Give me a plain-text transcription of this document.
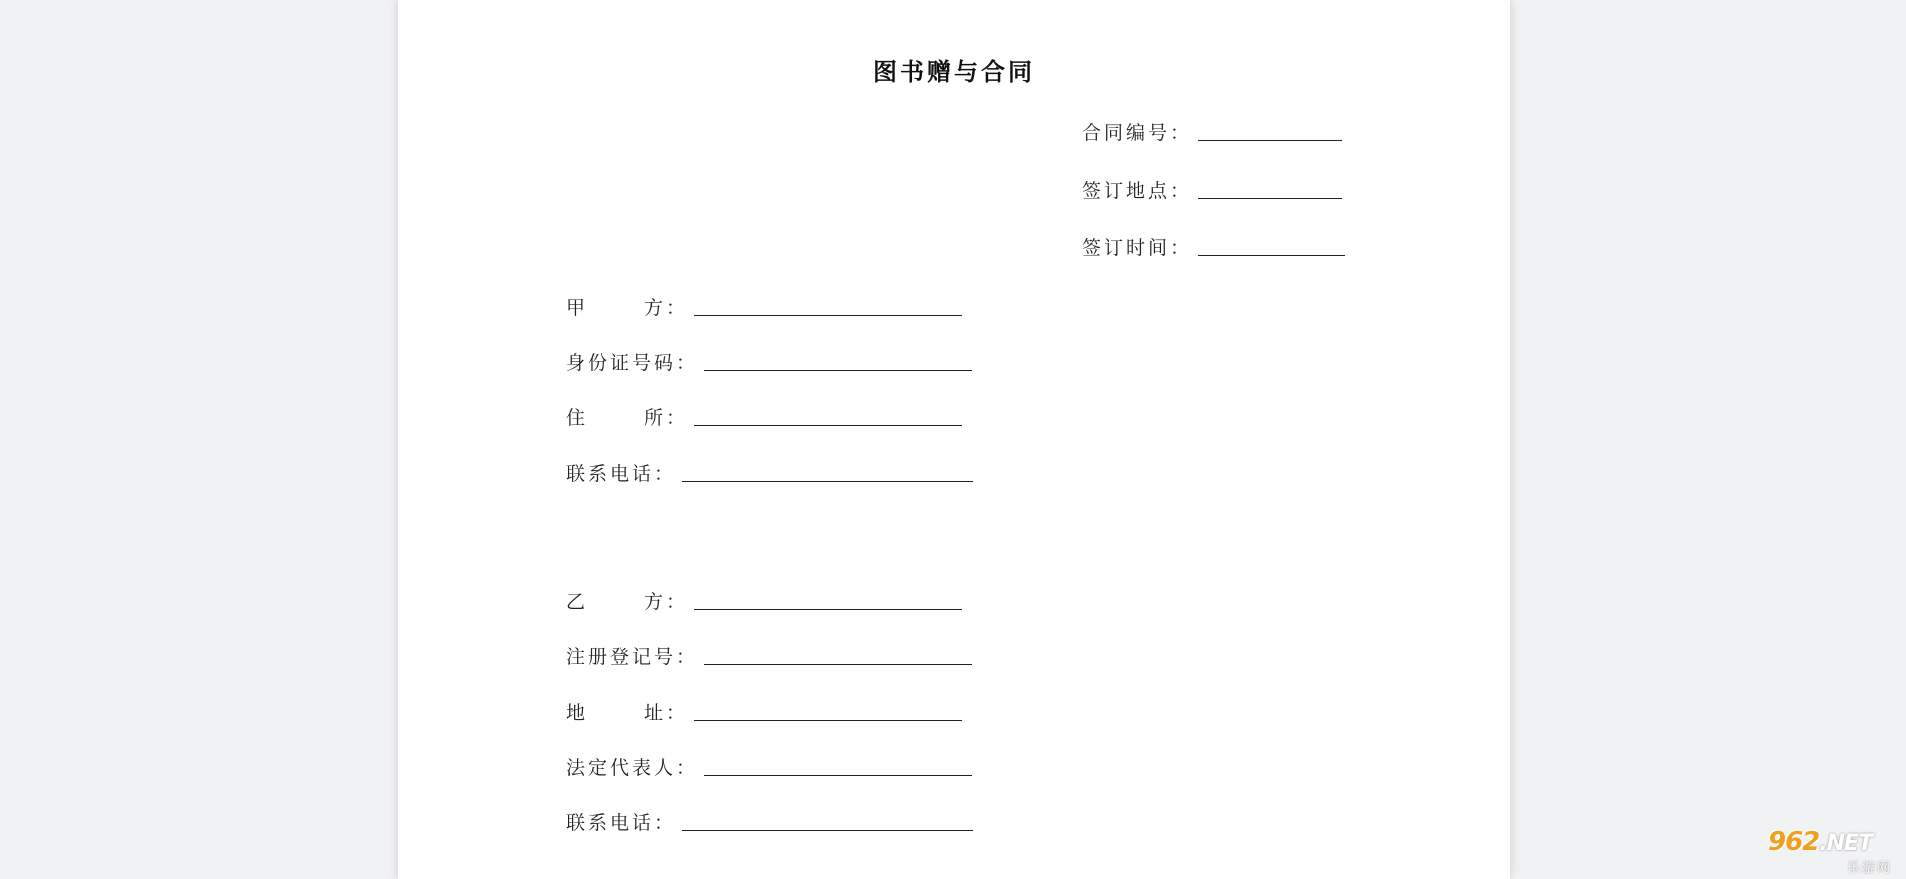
图书赠与合同
合同编号：
签订地点：
签订时间：
甲	方：
身份证号码：
住	所：
联系电话：
乙	方：
注册登记号：
地	址：
法定代表人：
联系电话：
962.NET
乐游网
